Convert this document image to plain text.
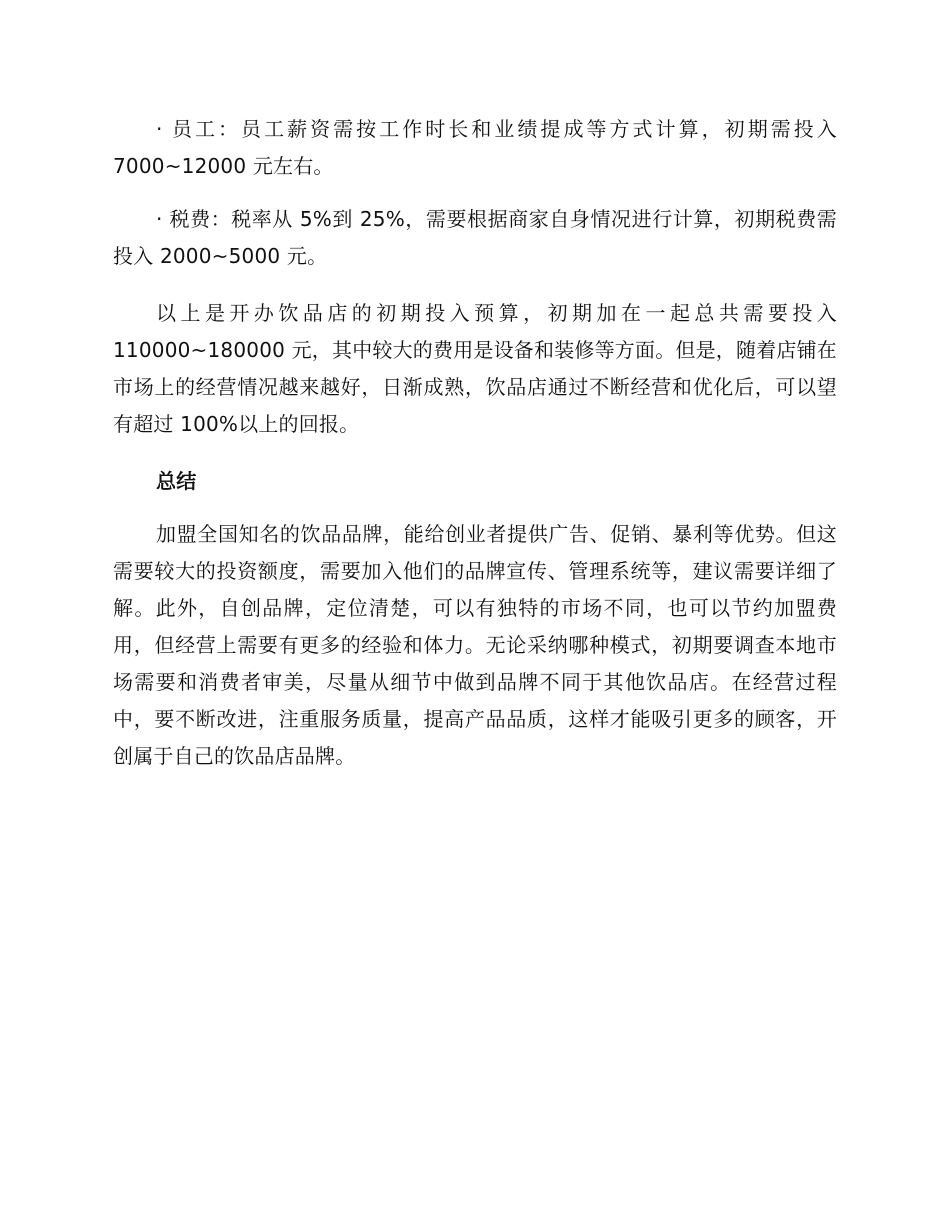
· 员工：员工薪资需按工作时长和业绩提成等方式计算，初期需投入 7000~12000 元左右。

· 税费：税率从 5%到 25%，需要根据商家自身情况进行计算，初期税费需投入 2000~5000 元。

以上是开办饮品店的初期投入预算，初期加在一起总共需要投入 110000~180000 元，其中较大的费用是设备和装修等方面。但是，随着店铺在市场上的经营情况越来越好，日渐成熟，饮品店通过不断经营和优化后，可以望有超过 100%以上的回报。

总结

加盟全国知名的饮品品牌，能给创业者提供广告、促销、暴利等优势。但这需要较大的投资额度，需要加入他们的品牌宣传、管理系统等，建议需要详细了解。此外，自创品牌，定位清楚，可以有独特的市场不同，也可以节约加盟费用，但经营上需要有更多的经验和体力。无论采纳哪种模式，初期要调查本地市场需要和消费者审美，尽量从细节中做到品牌不同于其他饮品店。在经营过程中，要不断改进，注重服务质量，提高产品品质，这样才能吸引更多的顾客，开创属于自己的饮品店品牌。
